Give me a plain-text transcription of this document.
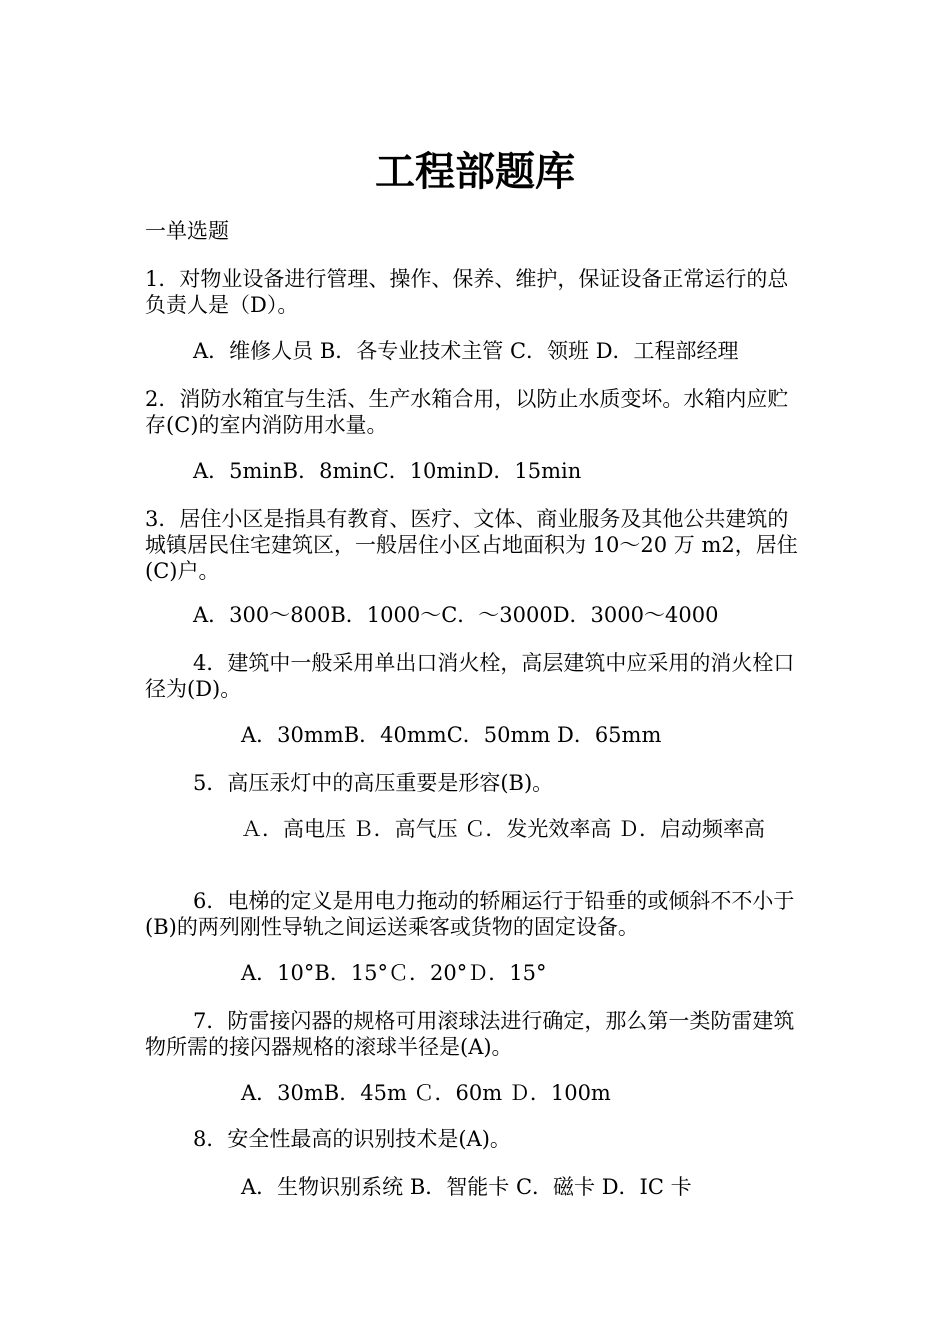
工程部题库

一单选题

1．对物业设备进行管理、操作、保养、维护，保证设备正常运行的总负责人是（D）。

A．维修人员 B．各专业技术主管 C．领班 D．工程部经理

2．消防水箱宜与生活、生产水箱合用，以防止水质变坏。水箱内应贮存(C)的室内消防用水量。

A．5minB．8minC．10minD．15min

3．居住小区是指具有教育、医疗、文体、商业服务及其他公共建筑的城镇居民住宅建筑区，一般居住小区占地面积为 10～20 万 m2，居住　 (C)户。

A．300～800B．1000～C．～3000D．3000～4000

4．建筑中一般采用单出口消火栓，高层建筑中应采用的消火栓口径为(D)。

A．30mmB．40mmC．50mm D．65mm

5．高压汞灯中的高压重要是形容(B)。

Ａ．高电压 Ｂ．高气压 Ｃ．发光效率高 Ｄ．启动频率高

6．电梯的定义是用电力拖动的轿厢运行于铅垂的或倾斜不不小于(B)的两列刚性导轨之间运送乘客或货物的固定设备。

A．10°B．15°Ｃ．20°Ｄ．15°

7．防雷接闪器的规格可用滚球法进行确定，那么第一类防雷建筑物所需的接闪器规格的滚球半径是(A)。

A．30mB．45m Ｃ．60m Ｄ．100m

8．安全性最高的识别技术是(A)。

A．生物识别系统 B．智能卡 C．磁卡 D．IC 卡
